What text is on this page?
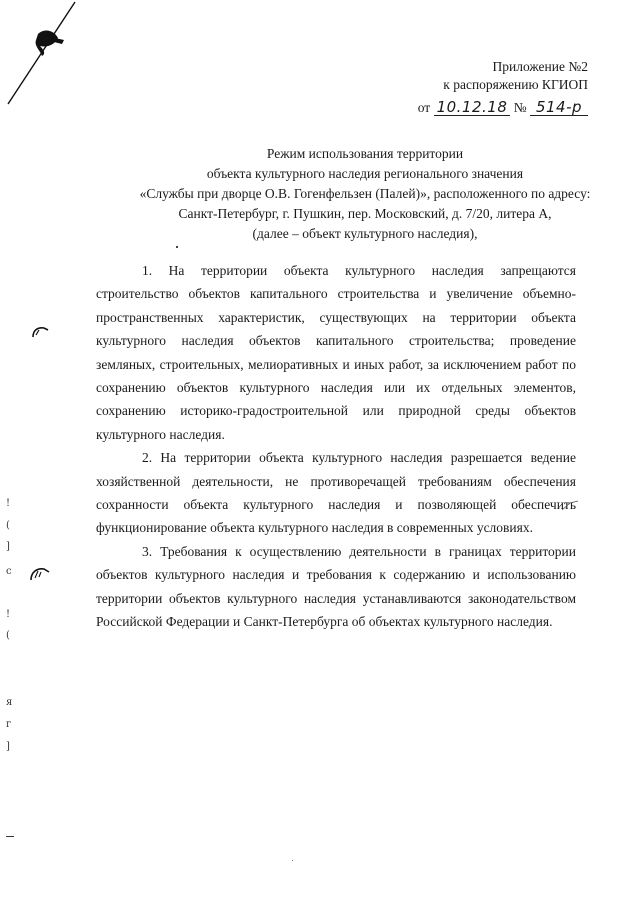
Приложение №2
к распоряжению КГИОП
от 10.12.18 № 514-р
Режим использования территории
объекта культурного наследия регионального значения
«Службы при дворце О.В. Гогенфельзен (Палей)», расположенного по адресу:
Санкт-Петербург, г. Пушкин, пер. Московский, д. 7/20, литера А,
(далее – объект культурного наследия),

1. На территории объекта культурного наследия запрещаются строительство объектов капитального строительства и увеличение объемно-пространственных характеристик, существующих на территории объекта культурного наследия объектов капитального строительства; проведение земляных, строительных, мелиоративных и иных работ, за исключением работ по сохранению объектов культурного наследия или их отдельных элементов, сохранению историко-градостроительной или природной среды объектов культурного наследия.

2. На территории объекта культурного наследия разрешается ведение хозяйственной деятельности, не противоречащей требованиям обеспечения сохранности объекта культурного наследия и позволяющей обеспечить функционирование объекта культурного наследия в современных условиях.

3. Требования к осуществлению деятельности в границах территории объектов культурного наследия и требования к содержанию и использованию территории объектов культурного наследия устанавливаются законодательством Российской Федерации и Санкт-Петербурга об объектах культурного наследия.

!
(
]
c
!
(
я
г
]
